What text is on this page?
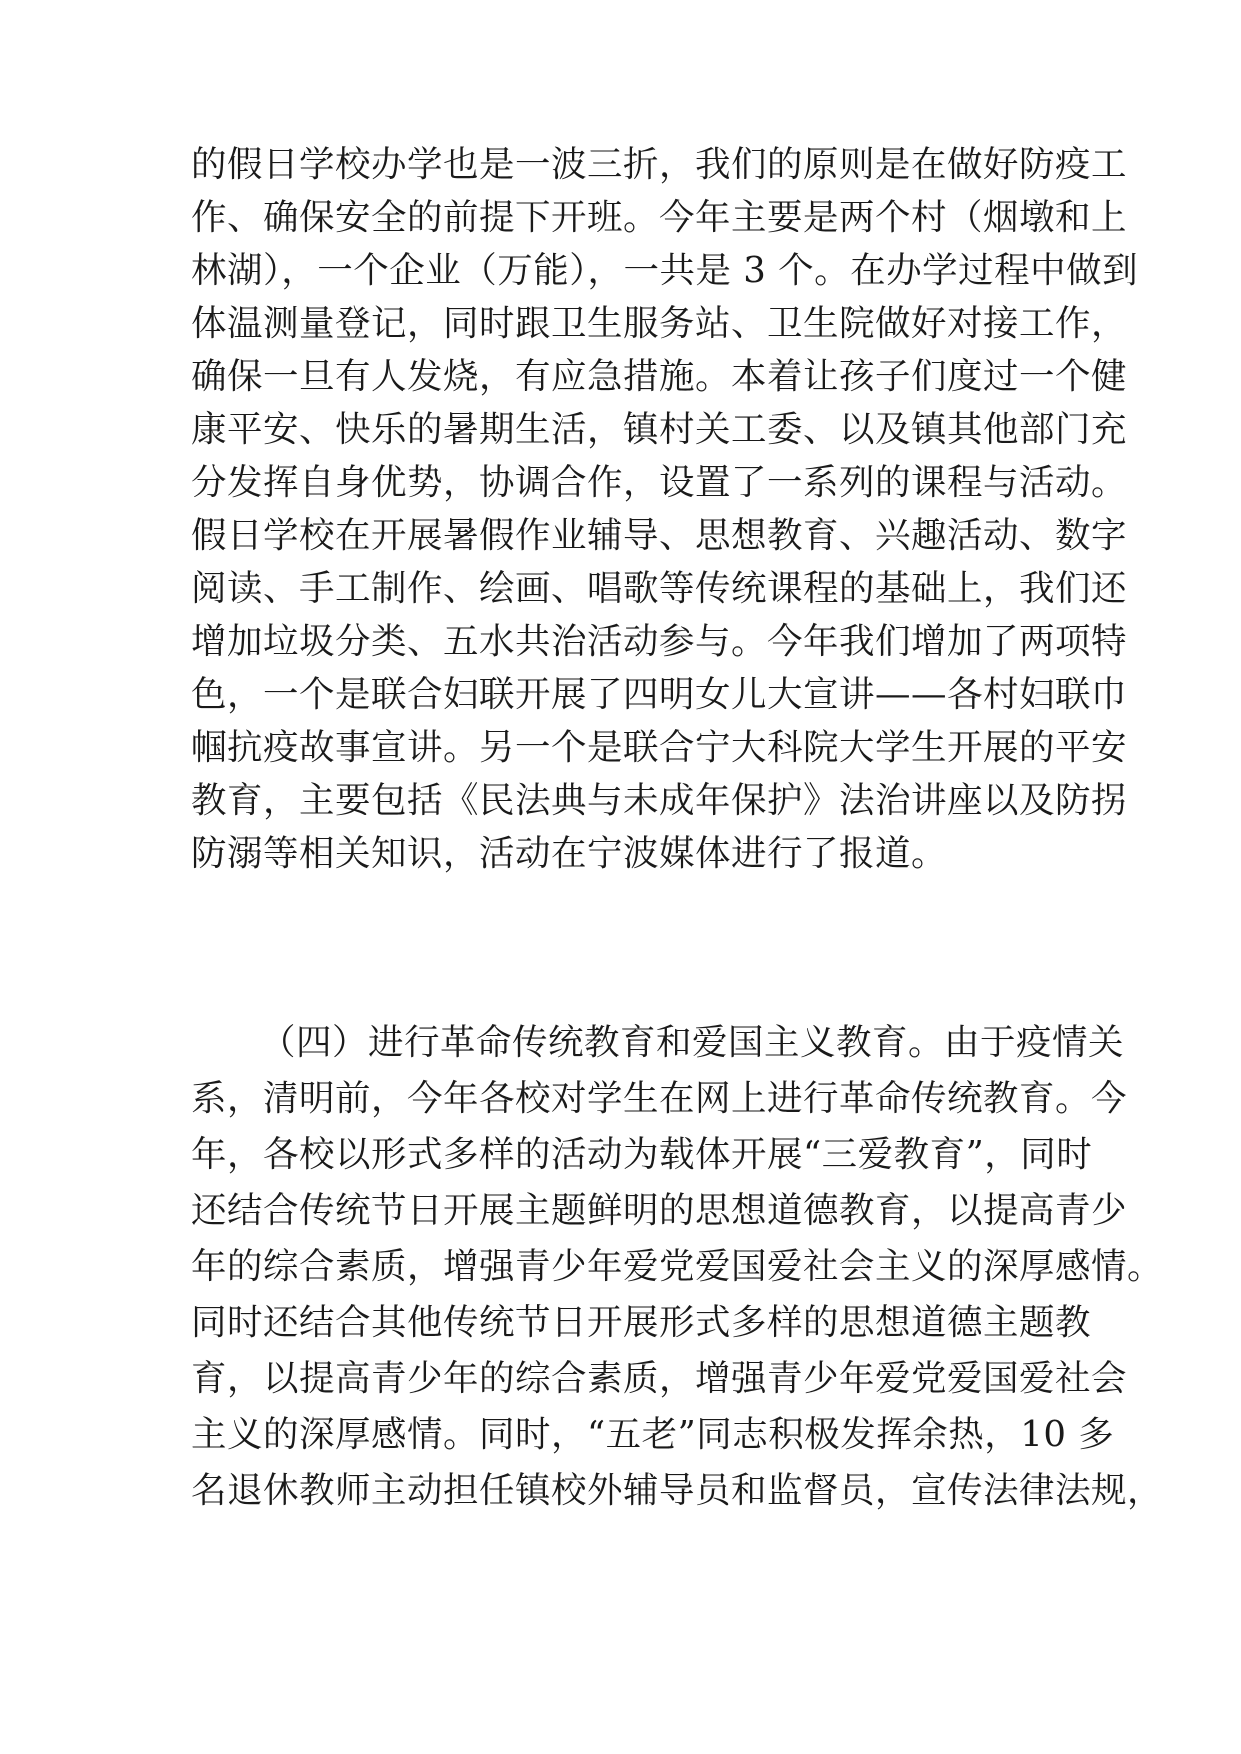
的假日学校办学也是一波三折，我们的原则是在做好防疫工
作、确保安全的前提下开班。今年主要是两个村（烟墩和上
林湖），一个企业（万能），一共是 3 个。在办学过程中做到
体温测量登记，同时跟卫生服务站、卫生院做好对接工作，
确保一旦有人发烧，有应急措施。本着让孩子们度过一个健
康平安、快乐的暑期生活，镇村关工委、以及镇其他部门充
分发挥自身优势，协调合作，设置了一系列的课程与活动。
假日学校在开展暑假作业辅导、思想教育、兴趣活动、数字
阅读、手工制作、绘画、唱歌等传统课程的基础上，我们还
增加垃圾分类、五水共治活动参与。今年我们增加了两项特
色，一个是联合妇联开展了四明女儿大宣讲——各村妇联巾
帼抗疫故事宣讲。另一个是联合宁大科院大学生开展的平安
教育，主要包括《民法典与未成年保护》法治讲座以及防拐
防溺等相关知识，活动在宁波媒体进行了报道。
（四）进行革命传统教育和爱国主义教育。由于疫情关
系，清明前，今年各校对学生在网上进行革命传统教育。今
年，各校以形式多样的活动为载体开展“三爱教育”，同时
还结合传统节日开展主题鲜明的思想道德教育，以提高青少
年的综合素质，增强青少年爱党爱国爱社会主义的深厚感情。
同时还结合其他传统节日开展形式多样的思想道德主题教
育，以提高青少年的综合素质，增强青少年爱党爱国爱社会
主义的深厚感情。同时，“五老”同志积极发挥余热，10 多
名退休教师主动担任镇校外辅导员和监督员，宣传法律法规，
